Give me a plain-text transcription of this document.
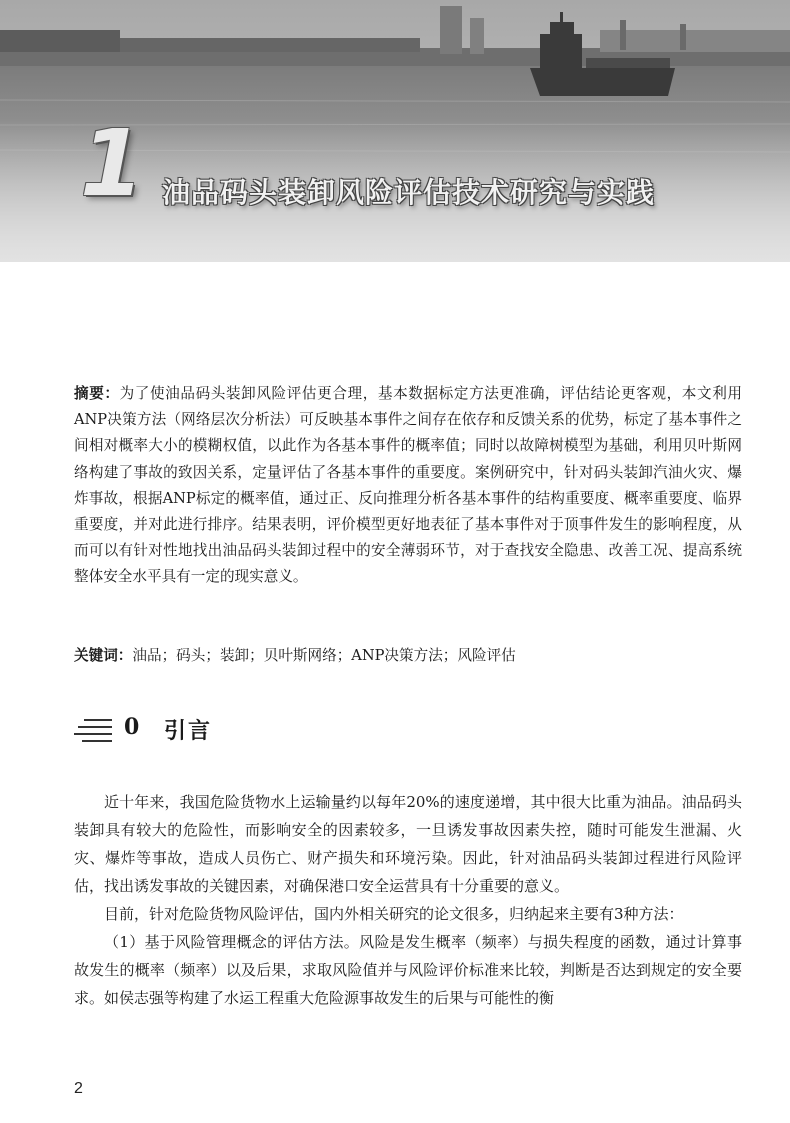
1 油品码头装卸风险评估技术研究与实践
摘要：为了使油品码头装卸风险评估更合理，基本数据标定方法更准确，评估结论更客观，本文利用ANP决策方法（网络层次分析法）可反映基本事件之间存在依存和反馈关系的优势，标定了基本事件之间相对概率大小的模糊权值，以此作为各基本事件的概率值；同时以故障树模型为基础，利用贝叶斯网络构建了事故的致因关系，定量评估了各基本事件的重要度。案例研究中，针对码头装卸汽油火灾、爆炸事故，根据ANP标定的概率值，通过正、反向推理分析各基本事件的结构重要度、概率重要度、临界重要度，并对此进行排序。结果表明，评价模型更好地表征了基本事件对于顶事件发生的影响程度，从而可以有针对性地找出油品码头装卸过程中的安全薄弱环节，对于查找安全隐患、改善工况、提高系统整体安全水平具有一定的现实意义。
关键词：油品；码头；装卸；贝叶斯网络；ANP决策方法；风险评估
0 引言

近十年来，我国危险货物水上运输量约以每年20%的速度递增，其中很大比重为油品。油品码头装卸具有较大的危险性，而影响安全的因素较多，一旦诱发事故因素失控，随时可能发生泄漏、火灾、爆炸等事故，造成人员伤亡、财产损失和环境污染。因此，针对油品码头装卸过程进行风险评估，找出诱发事故的关键因素，对确保港口安全运营具有十分重要的意义。

目前，针对危险货物风险评估，国内外相关研究的论文很多，归纳起来主要有3种方法：

（1）基于风险管理概念的评估方法。风险是发生概率（频率）与损失程度的函数，通过计算事故发生的概率（频率）以及后果，求取风险值并与风险评价标准来比较，判断是否达到规定的安全要求。如侯志强等构建了水运工程重大危险源事故发生的后果与可能性的衡

2
